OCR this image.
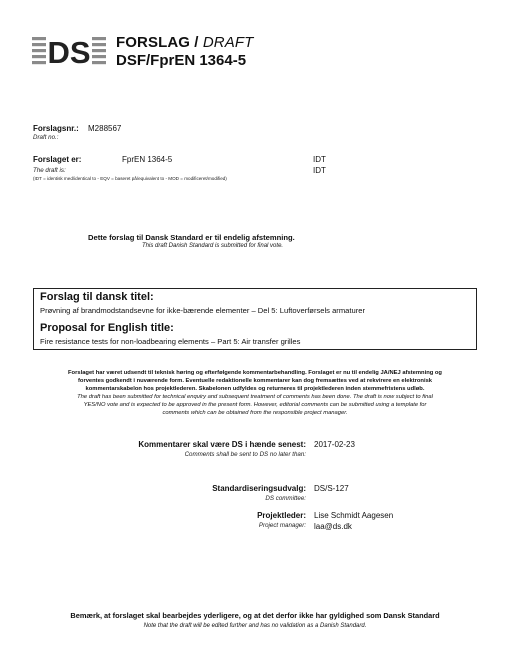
DS FORSLAG / DRAFT
DSF/FprEN 1364-5
Forslagsnr.: M288567
Draft no.:
Forslaget er:	FprEN 1364-5	IDT
The draft is:	IDT
(IDT = identisk med/identical to - EQV = baseret på/equivalent to - MOD = modificeret/modified)
Dette forslag til Dansk Standard er til endelig afstemning.
This draft Danish Standard is submitted for final vote.
Forslag til dansk titel:
Prøvning af brandmodstandsevne for ikke-bærende elementer – Del 5: Luftoverførsels armaturer
Proposal for English title:
Fire resistance tests for non-loadbearing elements – Part 5: Air transfer grilles
Forslaget har været udsendt til teknisk høring og efterfølgende kommentarbehandling. Forslaget er nu til endelig JA/NEJ afstemning og
forventes godkendt i nuværende form. Eventuelle redaktionelle kommentarer kan dog fremsættes ved at rekvirere en elektronisk
kommentarskabelon hos projektlederen. Skabelonen udfyldes og returneres til projektlederen inden stemmefristens udløb.
The draft has been submitted for technical enquiry and subsequent treatment of comments has been done. The draft is now subject to final
YES/NO vote and is expected to be approved in the present form. However, editorial comments can be submitted using a template for
comments which can be obtained from the responsible project manager.
Kommentarer skal være DS i hænde senest:
Comments shall be sent to DS no later than:
2017-02-23
Standardiseringsudvalg:
DS committee:
DS/S-127
Projektleder:
Project manager:
Lise Schmidt Aagesen
laa@ds.dk
Bemærk, at forslaget skal bearbejdes yderligere, og at det derfor ikke har gyldighed som Dansk Standard
Note that the draft will be edited further and has no validation as a Danish Standard.
